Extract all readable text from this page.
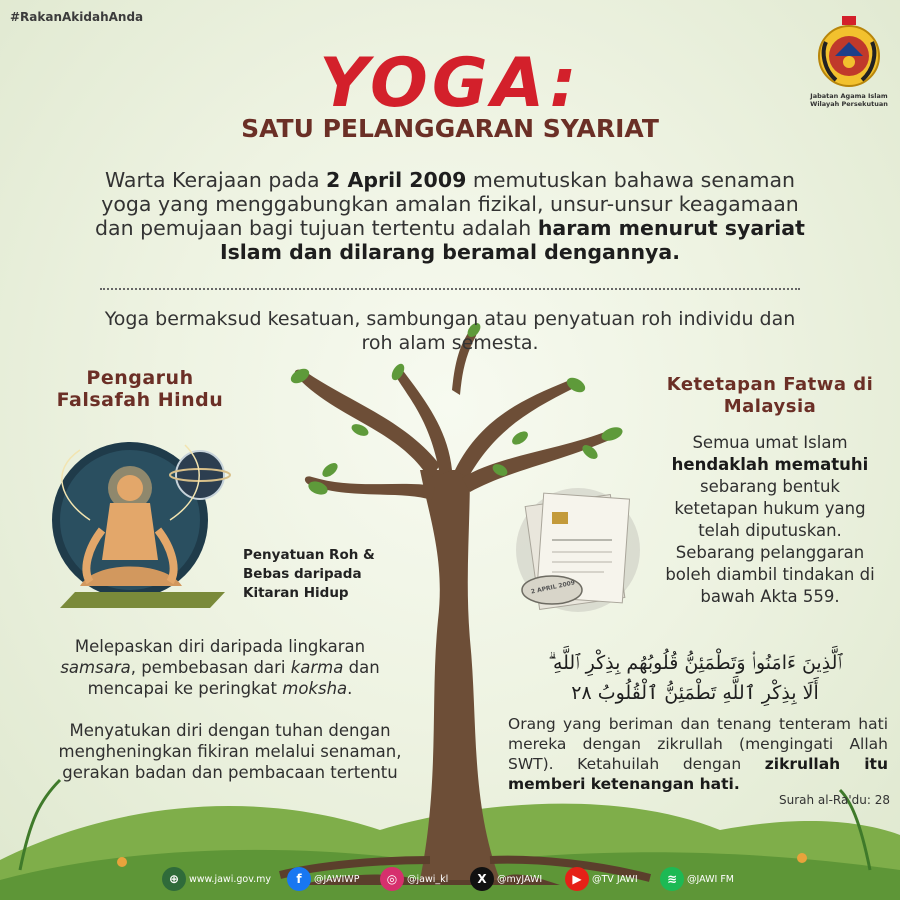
#RakanAkidahAnda
Jabatan Agama Islam
Wilayah Persekutuan
YOGA:
SATU PELANGGARAN SYARIAT
Warta Kerajaan pada 2 April 2009 memutuskan bahawa senaman yoga yang menggabungkan amalan fizikal, unsur-unsur keagamaan dan pemujaan bagi tujuan tertentu adalah haram menurut syariat Islam dan dilarang beramal dengannya.
Yoga bermaksud kesatuan, sambungan atau penyatuan roh individu dan roh alam semesta.
Pengaruh Falsafah Hindu
Penyatuan Roh & Bebas daripada Kitaran Hidup
Melepaskan diri daripada lingkaran samsara, pembebasan dari karma dan mencapai ke peringkat moksha.
Menyatukan diri dengan tuhan dengan mengheningkan fikiran melalui senaman, gerakan badan dan pembacaan tertentu
Ketetapan Fatwa di Malaysia
Semua umat Islam hendaklah mematuhi sebarang bentuk ketetapan hukum yang telah diputuskan. Sebarang pelanggaran boleh diambil tindakan di bawah Akta 559.
2 APRIL 2009
ٱلَّذِينَ ءَامَنُوا۟ وَتَطْمَئِنُّ قُلُوبُهُم بِذِكْرِ ٱللَّهِ ۗ
أَلَا بِذِكْرِ ٱللَّهِ تَطْمَئِنُّ ٱلْقُلُوبُ ٢٨
Orang yang beriman dan tenang tenteram hati mereka dengan zikrullah (mengingati Allah SWT). Ketahuilah dengan zikrullah itu memberi ketenangan hati.
Surah al-Ra'du: 28
⊕	www.jawi.gov.my	f	@JAWIWP	◎	@jawi_kl	X	@myJAWI	▶	@TV JAWI	≋	@JAWI FM
